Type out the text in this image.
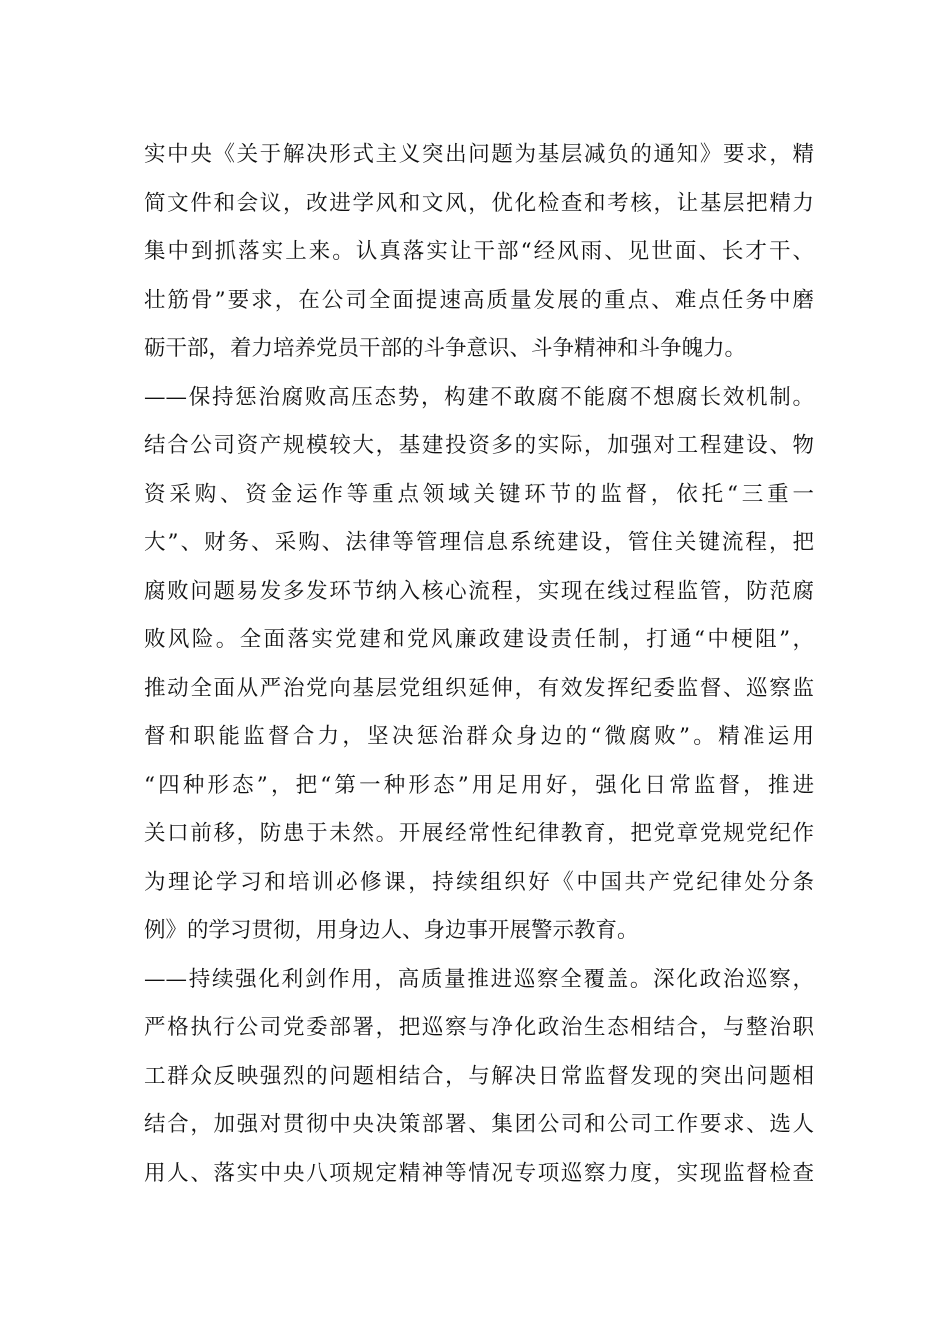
实中央《关于解决形式主义突出问题为基层减负的通知》要求，精
简文件和会议，改进学风和文风，优化检查和考核，让基层把精力
集中到抓落实上来。认真落实让干部“经风雨、见世面、长才干、
壮筋骨”要求，在公司全面提速高质量发展的重点、难点任务中磨
砺干部，着力培养党员干部的斗争意识、斗争精神和斗争魄力。
——保持惩治腐败高压态势，构建不敢腐不能腐不想腐长效机制。
结合公司资产规模较大，基建投资多的实际，加强对工程建设、物
资采购、资金运作等重点领域关键环节的监督，依托“三重一
大”、财务、采购、法律等管理信息系统建设，管住关键流程，把
腐败问题易发多发环节纳入核心流程，实现在线过程监管，防范腐
败风险。全面落实党建和党风廉政建设责任制，打通“中梗阻”，
推动全面从严治党向基层党组织延伸，有效发挥纪委监督、巡察监
督和职能监督合力，坚决惩治群众身边的“微腐败”。精准运用
“四种形态”，把“第一种形态”用足用好，强化日常监督，推进
关口前移，防患于未然。开展经常性纪律教育，把党章党规党纪作
为理论学习和培训必修课，持续组织好《中国共产党纪律处分条
例》的学习贯彻，用身边人、身边事开展警示教育。
——持续强化利剑作用，高质量推进巡察全覆盖。深化政治巡察，
严格执行公司党委部署，把巡察与净化政治生态相结合，与整治职
工群众反映强烈的问题相结合，与解决日常监督发现的突出问题相
结合，加强对贯彻中央决策部署、集团公司和公司工作要求、选人
用人、落实中央八项规定精神等情况专项巡察力度，实现监督检查
